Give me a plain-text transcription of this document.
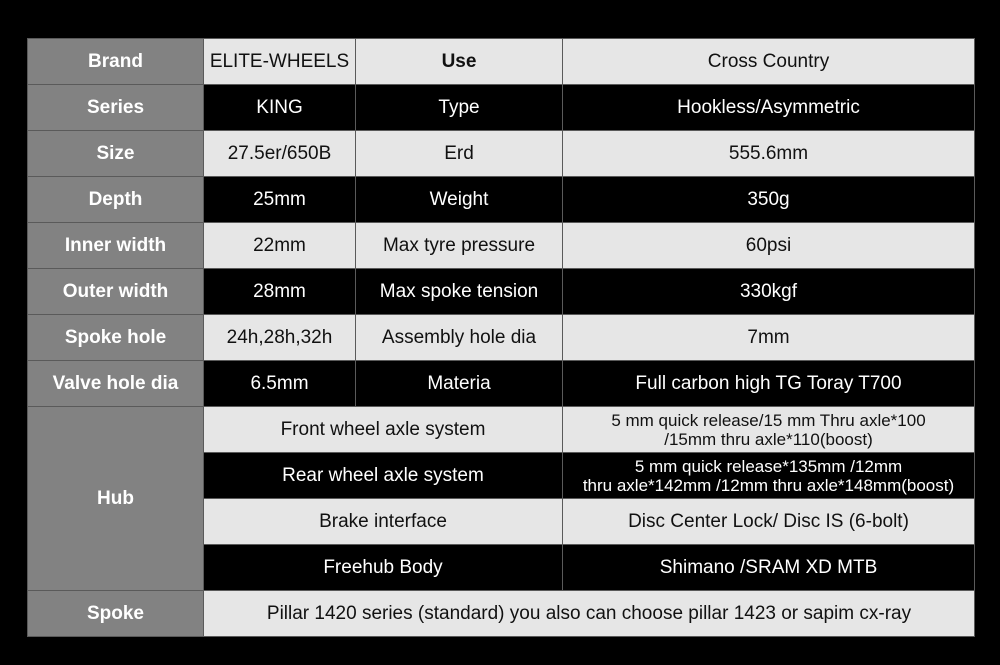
Brand	ELITE-WHEELS	Use	Cross Country
Series	KING	Type	Hookless/Asymmetric
Size	27.5er/650B	Erd	555.6mm
Depth	25mm	Weight	350g
Inner width	22mm	Max tyre pressure	60psi
Outer width	28mm	Max spoke tension	330kgf
Spoke hole	24h,28h,32h	Assembly hole dia	7mm
Valve hole dia	6.5mm	Materia	Full carbon high TG Toray T700
Hub	Front wheel axle system		5 mm quick release/15 mm Thru axle*100
/15mm thru axle*110(boost)

	Rear wheel axle system		5 mm quick release*135mm /12mm
thru axle*142mm /12mm thru axle*148mm(boost)

	Brake interface		Disc Center Lock/ Disc IS (6-bolt)
	Freehub Body		Shimano /SRAM XD MTB
Spoke	Pillar 1420 series (standard) you also can choose pillar 1423 or sapim cx-ray		
